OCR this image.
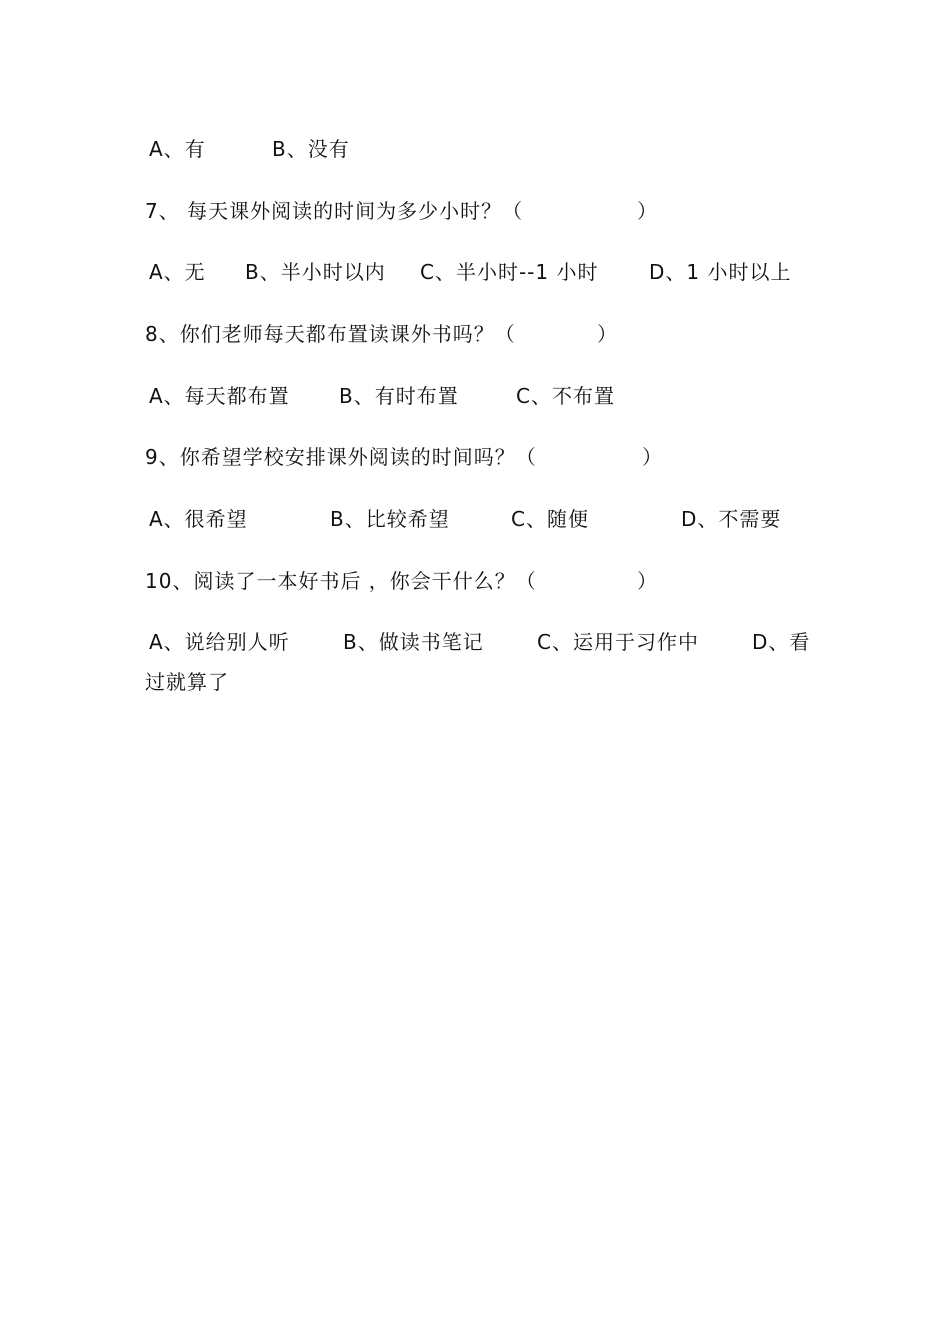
A、有	B、没有
7、 每天课外阅读的时间为多少小时？（	）
A、无 B、半小时以内 C、半小时--1 小时	D、1 小时以上
8、你们老师每天都布置读课外书吗？（	）
A、每天都布置 B、有时布置	C、不布置
9、你希望学校安排课外阅读的时间吗？（	）
A、很希望	B、比较希望	C、随便	D、不需要
10、阅读了一本好书后 ，你会干什么？（	）
A、说给别人听	B、做读书笔记	C、运用于习作中	D、看
过就算了
